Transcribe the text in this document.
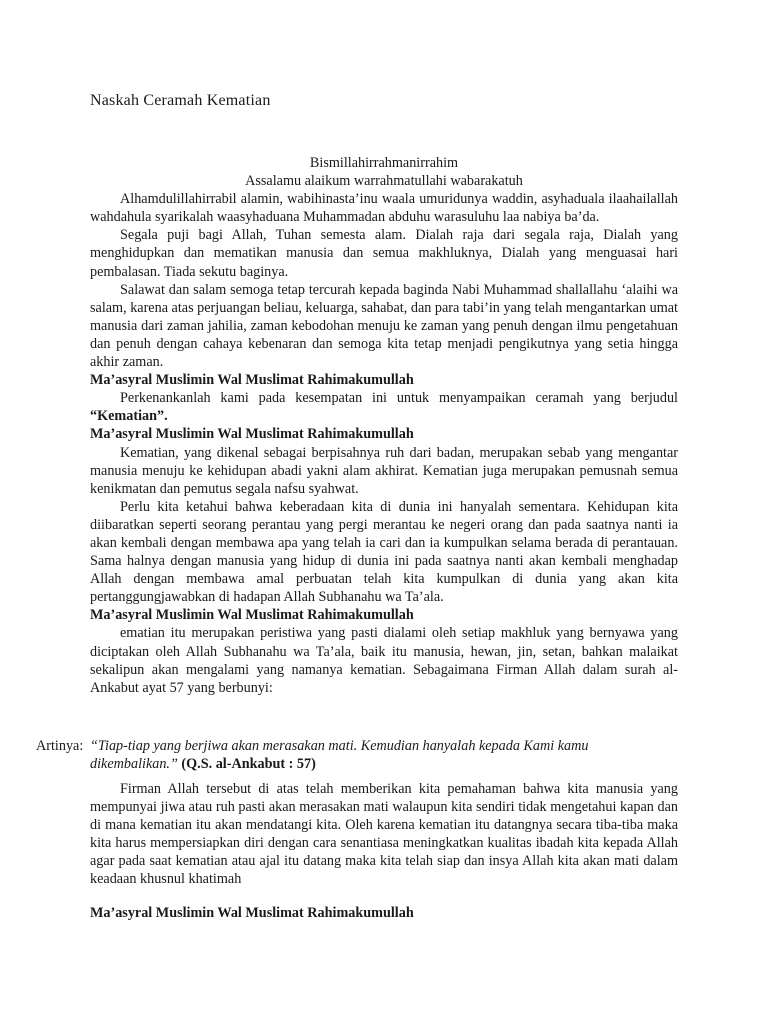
Naskah Ceramah Kematian

Bismillahirrahmanirrahim

Assalamu alaikum warrahmatullahi wabarakatuh

Alhamdulillahirrabil alamin, wabihinasta’inu waala umuridunya waddin, asyhaduala ilaahailallah wahdahula syarikalah waasyhaduana Muhammadan abduhu warasuluhu laa nabiya ba’da.

Segala puji bagi Allah, Tuhan semesta alam. Dialah raja dari segala raja, Dialah yang menghidupkan dan mematikan manusia dan semua makhluknya, Dialah yang menguasai hari pembalasan. Tiada sekutu baginya.

Salawat dan salam semoga tetap tercurah kepada baginda Nabi Muhammad shallallahu ‘alaihi wa salam, karena atas perjuangan beliau, keluarga, sahabat, dan para tabi’in yang telah mengantarkan umat manusia dari zaman jahilia, zaman kebodohan menuju ke zaman yang penuh dengan ilmu pengetahuan dan penuh dengan cahaya kebenaran dan semoga kita tetap menjadi pengikutnya yang setia hingga akhir zaman.

Ma’asyral Muslimin Wal Muslimat Rahimakumullah

Perkenankanlah kami pada kesempatan ini untuk menyampaikan ceramah yang berjudul “Kematian”.

Ma’asyral Muslimin Wal Muslimat Rahimakumullah

Kematian, yang dikenal sebagai berpisahnya ruh dari badan, merupakan sebab yang mengantar manusia menuju ke kehidupan abadi yakni alam akhirat. Kematian juga merupakan pemusnah semua kenikmatan dan pemutus segala nafsu syahwat.

Perlu kita ketahui bahwa keberadaan kita di dunia ini hanyalah sementara. Kehidupan kita diibaratkan seperti seorang perantau yang pergi merantau ke negeri orang dan pada saatnya nanti ia akan kembali dengan membawa apa yang telah ia cari dan ia kumpulkan selama berada di perantauan. Sama halnya dengan manusia yang hidup di dunia ini pada saatnya nanti akan kembali menghadap Allah dengan membawa amal perbuatan telah kita kumpulkan di dunia yang akan kita pertanggungjawabkan di hadapan Allah Subhanahu wa Ta’ala.

Ma’asyral Muslimin Wal Muslimat Rahimakumullah

ematian itu merupakan peristiwa yang pasti dialami oleh setiap makhluk yang bernyawa yang diciptakan oleh Allah Subhanahu wa Ta’ala, baik itu manusia, hewan, jin, setan, bahkan malaikat sekalipun akan mengalami yang namanya kematian. Sebagaimana Firman Allah dalam surah al-Ankabut ayat 57 yang berbunyi:

Artinya: “Tiap-tiap yang berjiwa akan merasakan mati. Kemudian hanyalah kepada Kami kamu dikembalikan.” (Q.S. al-Ankabut : 57)

Firman Allah tersebut di atas telah memberikan kita pemahaman bahwa kita manusia yang mempunyai jiwa atau ruh pasti akan merasakan mati walaupun kita sendiri tidak mengetahui kapan dan di mana kematian itu akan mendatangi kita. Oleh karena kematian itu datangnya secara tiba-tiba maka kita harus mempersiapkan diri dengan cara senantiasa meningkatkan kualitas ibadah kita kepada Allah agar pada saat kematian atau ajal itu datang maka kita telah siap dan insya Allah kita akan mati dalam keadaan khusnul khatimah

Ma’asyral Muslimin Wal Muslimat Rahimakumullah
